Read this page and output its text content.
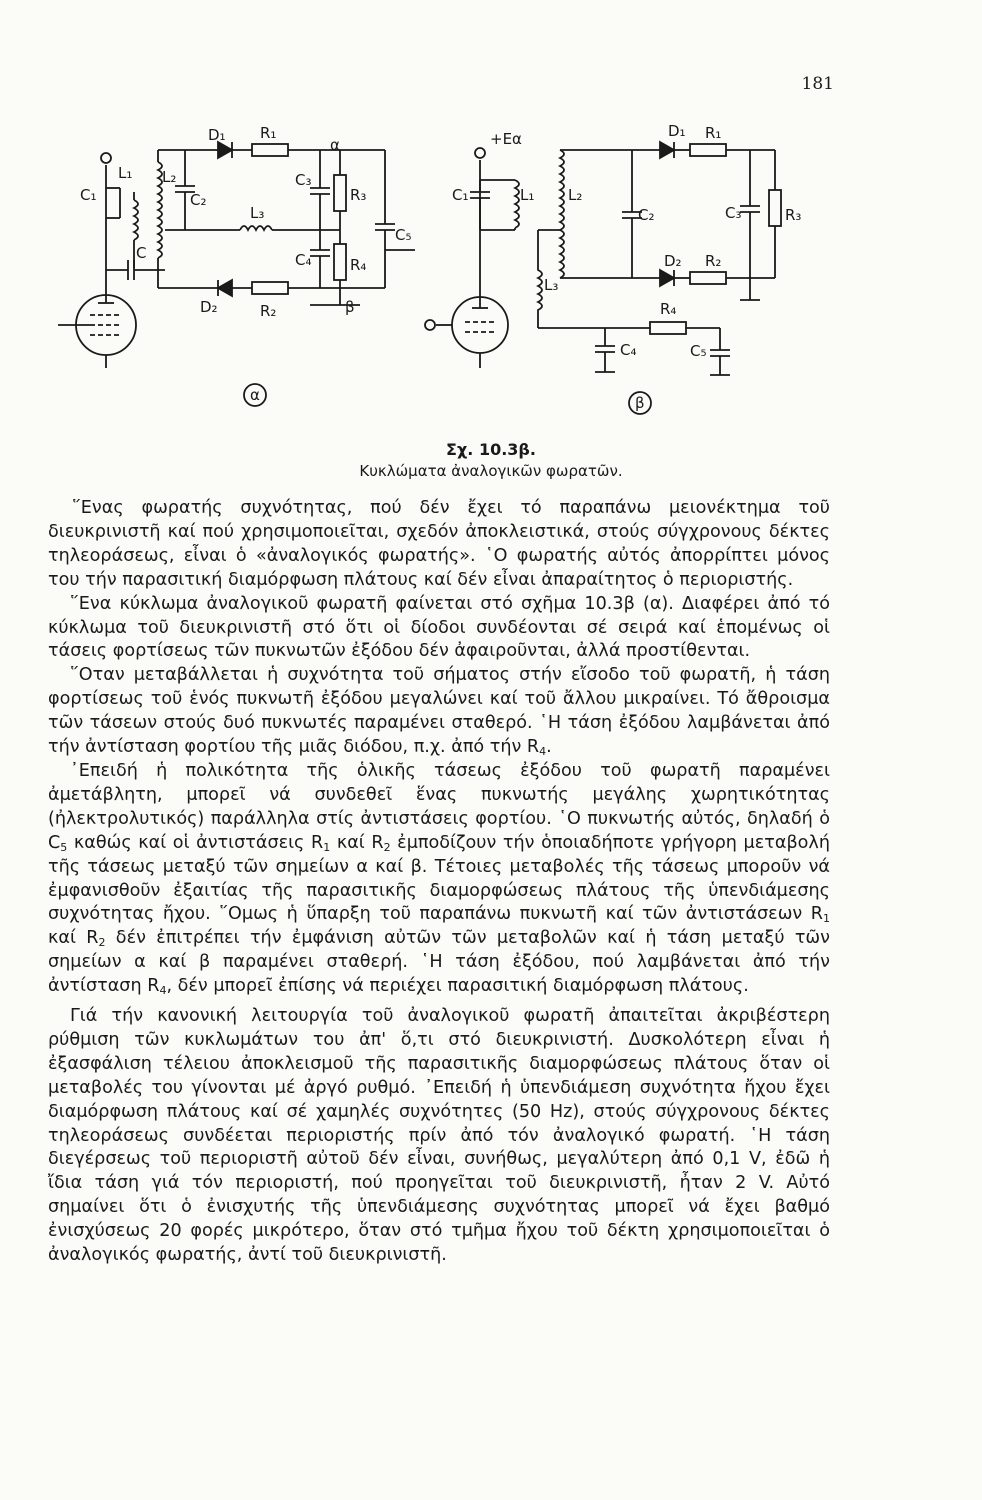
181
D₁ R₁
α
C₂
C₃
R₃
L₃
L₂
C₁
L₁
C	C₄	R₄
D₂	R₂	β
C₅
α
+Eα
C₁	L₁ L₂
C₂
D₁ R₁
C₃	R₃
D₂ R₂
L₃
R₄
C₄	C₅
β
Σχ. 10.3β.
Κυκλώματα ἀναλογικῶν φωρατῶν.

῞Ενας φωρατής συχνότητας, πού δέν ἔχει τό παραπάνω μειονέκτημα τοῦ διευκρινιστῆ καί πού χρησιμοποιεῖται, σχεδόν ἀποκλειστικά, στούς σύγχρονους δέκτες τηλεοράσεως, εἶναι ὁ «ἀναλογικός φωρατής». ῾Ο φωρατής αὐτός ἀπορρίπτει μόνος του τήν παρασιτική διαμόρφωση πλάτους καί δέν εἶναι ἀπαραίτητος ὁ περιοριστής.

῞Ενα κύκλωμα ἀναλογικοῦ φωρατῆ φαίνεται στό σχῆμα 10.3β (α). Διαφέρει ἀπό τό κύκλωμα τοῦ διευκρινιστῆ στό ὅτι οἱ δίοδοι συνδέονται σέ σειρά καί ἑπομένως οἱ τάσεις φορτίσεως τῶν πυκνωτῶν ἐξόδου δέν ἀφαιροῦνται, ἀλλά προστίθενται.

῞Οταν μεταβάλλεται ἡ συχνότητα τοῦ σήματος στήν εἴσοδο τοῦ φωρατῆ, ἡ τάση φορτίσεως τοῦ ἑνός πυκνωτῆ ἐξόδου μεγαλώνει καί τοῦ ἄλλου μικραίνει. Τό ἄθροισμα τῶν τάσεων στούς δυό πυκνωτές παραμένει σταθερό. ῾Η τάση ἐξόδου λαμβάνεται ἀπό τήν ἀντίσταση φορτίου τῆς μιᾶς διόδου, π.χ. ἀπό τήν $R_4$.

᾿Επειδή ἡ πολικότητα τῆς ὁλικῆς τάσεως ἐξόδου τοῦ φωρατῆ παραμένει ἀμετάβλητη, μπορεῖ νά συνδεθεῖ ἕνας πυκνωτής μεγάλης χωρητικότητας (ἠλεκτρολυτικός) παράλληλα στίς ἀντιστάσεις φορτίου. ῾Ο πυκνωτής αὐτός, δηλαδή ὁ $C_5$ καθώς καί οἱ ἀντιστάσεις $R_1$ καί $R_2$ ἐμποδίζουν τήν ὁποιαδήποτε γρήγορη μεταβολή τῆς τάσεως μεταξύ τῶν σημείων α καί β. Τέτοιες μεταβολές τῆς τάσεως μποροῦν νά ἐμφανισθοῦν ἐξαιτίας τῆς παρασιτικῆς διαμορφώσεως πλάτους τῆς ὑπενδιάμεσης συχνότητας ἤχου. ῞Ομως ἡ ὕπαρξη τοῦ παραπάνω πυκνωτῆ καί τῶν ἀντιστάσεων $R_1$ καί $R_2$ δέν ἐπιτρέπει τήν ἐμφάνιση αὐτῶν τῶν μεταβολῶν καί ἡ τάση μεταξύ τῶν σημείων α καί β παραμένει σταθερή. ῾Η τάση ἐξόδου, πού λαμβάνεται ἀπό τήν ἀντίσταση $R_4$, δέν μπορεῖ ἐπίσης νά περιέχει παρασιτική διαμόρφωση πλάτους.

Γιά τήν κανονική λειτουργία τοῦ ἀναλογικοῦ φωρατῆ ἀπαιτεῖται ἀκριβέστερη ρύθμιση τῶν κυκλωμάτων του ἀπ' ὅ,τι στό διευκρινιστή. Δυσκολότερη εἶναι ἡ ἐξασφάλιση τέλειου ἀποκλεισμοῦ τῆς παρασιτικῆς διαμορφώσεως πλάτους ὅταν οἱ μεταβολές του γίνονται μέ ἀργό ρυθμό. ᾿Επειδή ἡ ὑπενδιάμεση συχνότητα ἤχου ἔχει διαμόρφωση πλάτους καί σέ χαμηλές συχνότητες (50 Hz), στούς σύγχρονους δέκτες τηλεοράσεως συνδέεται περιοριστής πρίν ἀπό τόν ἀναλογικό φωρατή. ῾Η τάση διεγέρσεως τοῦ περιοριστῆ αὐτοῦ δέν εἶναι, συνήθως, μεγαλύτερη ἀπό 0,1 V, ἐδῶ ἡ ἴδια τάση γιά τόν περιοριστή, πού προηγεῖται τοῦ διευκρινιστῆ, ἦταν 2 V. Αὐτό σημαίνει ὅτι ὁ ἐνισχυτής τῆς ὑπενδιάμεσης συχνότητας μπορεῖ νά ἔχει βαθμό ἐνισχύσεως 20 φορές μικρότερο, ὅταν στό τμῆμα ἤχου τοῦ δέκτη χρησιμοποιεῖται ὁ ἀναλογικός φωρατής, ἀντί τοῦ διευκρινιστῆ.
